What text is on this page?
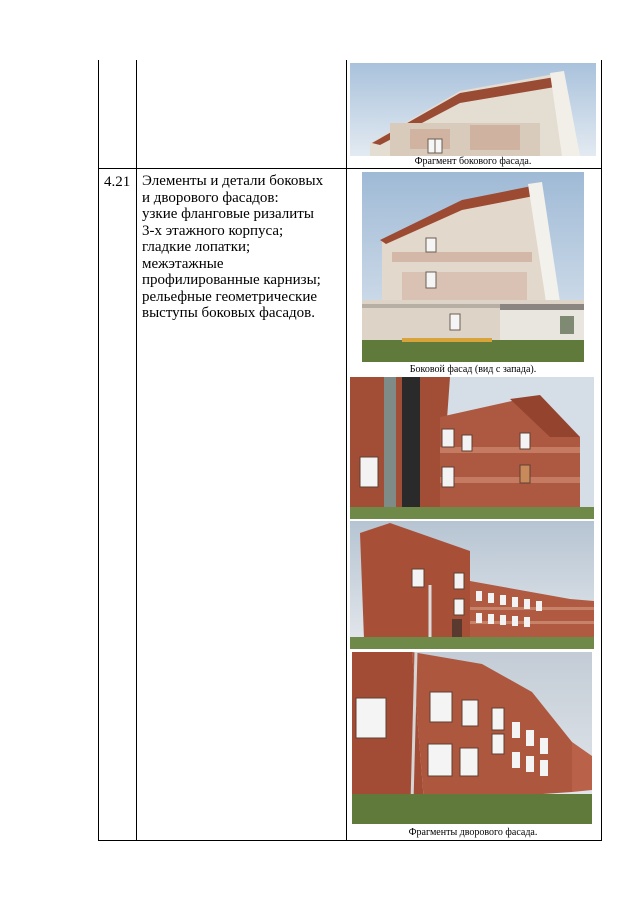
4.21 Элементы и детали боковых
и дворового фасадов:
узкие фланговые ризалиты
3-х этажного корпуса;
гладкие лопатки;
межэтажные
профилированные карнизы;
рельефные геометрические
выступы боковых фасадов.
Фрагмент бокового фасада.
Боковой фасад (вид с запада).
Фрагменты дворового фасада.
